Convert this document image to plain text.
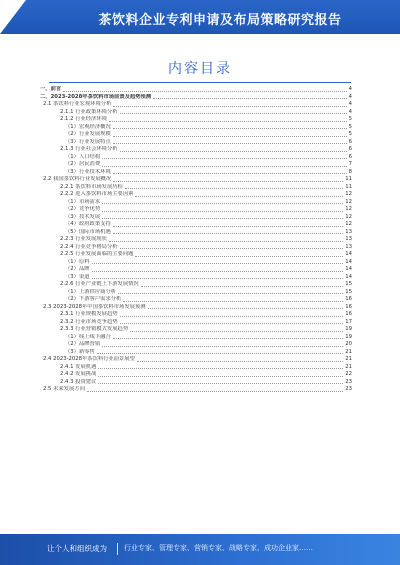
茶饮料企业专利申请及布局策略研究报告
内容目录
一、前言	4
二、2023-2028年茶饮料市场前景及趋势预测	4
2.1 茶饮料行业宏观环境分析	4
2.1.1 行业政策环境分析	4
2.1.2 行业经济环境	5
（1）宏观经济概况	5
（2）行业发展规模	5
（3）行业发展特点	6
2.1.3 行业社会环境分析	6
（1）人口结构	6
（2）居民消费	7
（3）行业技术环境	8
2.2 我国茶饮料行业发展概况	11
2.2.1 茶饮料市场发展历程	11
2.2.2 进入茶饮料市场主要因素	12
（1）市场需求	12
（2）竞争优势	12
（3）技术发展	12
（4）政府政策支持	12
（5）国际市场机遇	13
2.2.3 行业发展现状	13
2.2.4 行业竞争格局分析	13
2.2.5 行业发展面临的主要问题	14
（1）原料	14
（2）品牌	14
（3）渠道	14
2.2.6 行业产业链上下游发展情况	15
（1）上游供应商分析	15
（2）下游客户需求分析	16
2.3 2023-2028年中国茶饮料市场发展预测	16
2.3.1 行业规模发展趋势	16
2.3.2 行业市场竞争趋势	17
2.3.3 行业营销模式发展趋势	19
（1）线上线下融合	19
（2）品牌营销	20
（3）新零售	21
2.4 2023-2028年茶饮料行业前景展望	21
2.4.1 发展机遇	21
2.4.2 发展挑战	22
2.4.3 投资建议	23
2.5 未来发展方向	23
让个人和组织成为 行业专家、管理专家、营销专家、战略专家、成功企业家……
